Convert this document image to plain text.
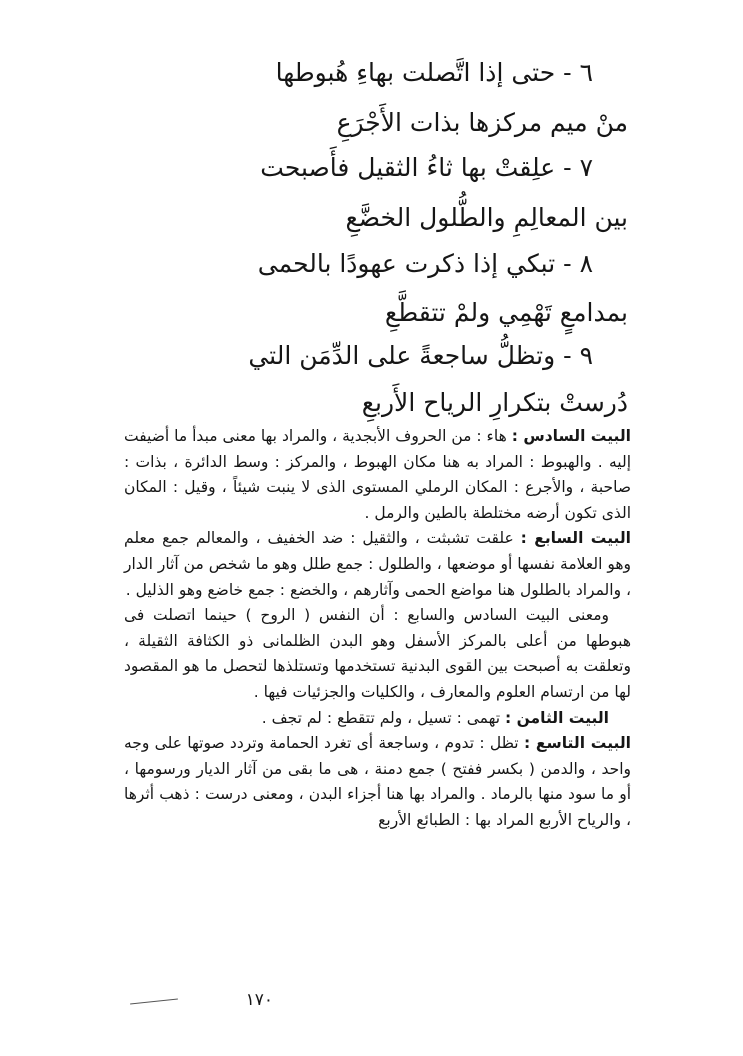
٦- حتى إذا اتَّصلت بهاءِ هُبوطها
منْ ميم مركزها بذات الأَجْرَعِ
٧- علِقتْ بها ثاءُ الثقيل فأَصبحت
بين المعالِمِ والطُّلول الخضَّعِ
٨- تبكي إذا ذكرت عهودًا بالحمى
بمدامعٍ تَهْمِي ولمْ تتقطَّعِ
٩- وتظلُّ ساجعةً على الدِّمَن التي
دُرستْ بتكرارِ الرياح الأَربعِ

البيت السادس : هاء : من الحروف الأبجدية ، والمراد بها معنى مبدأ ما أضيفت إليه . والهبوط : المراد به هنا مكان الهبوط ، والمركز : وسط الدائرة ، بذات : صاحبة ، والأجرع : المكان الرملي المستوى الذى لا ينبت شيئاً ، وقيل : المكان الذى تكون أرضه مختلطة بالطين والرمل .

البيت السابع : علقت تشبثت ، والثقيل : ضد الخفيف ، والمعالم جمع معلم وهو العلامة نفسها أو موضعها ، والطلول : جمع طلل وهو ما شخص من آثار الدار ، والمراد بالطلول هنا مواضع الحمى وآثارهم ، والخضع : جمع خاضع وهو الذليل .

ومعنى البيت السادس والسابع : أن النفس ( الروح ) حينما اتصلت فى هبوطها من أعلى بالمركز الأسفل وهو البدن الظلمانى ذو الكثافة الثقيلة ، وتعلقت به أصبحت بين القوى البدنية تستخدمها وتستلذها لتحصل ما هو المقصود لها من ارتسام العلوم والمعارف ، والكليات والجزئيات فيها .

البيت الثامن : تهمى : تسيل ، ولم تتقطع : لم تجف .

البيت التاسع : تظل : تدوم ، وساجعة أى تغرد الحمامة وتردد صوتها على وجه واحد ، والدمن ( بكسر ففتح ) جمع دمنة ، هى ما بقى من آثار الديار ورسومها ، أو ما سود منها بالرماد . والمراد بها هنا أجزاء البدن ، ومعنى درست : ذهب أثرها ، والرياح الأربع المراد بها : الطبائع الأربع

١٧٠
